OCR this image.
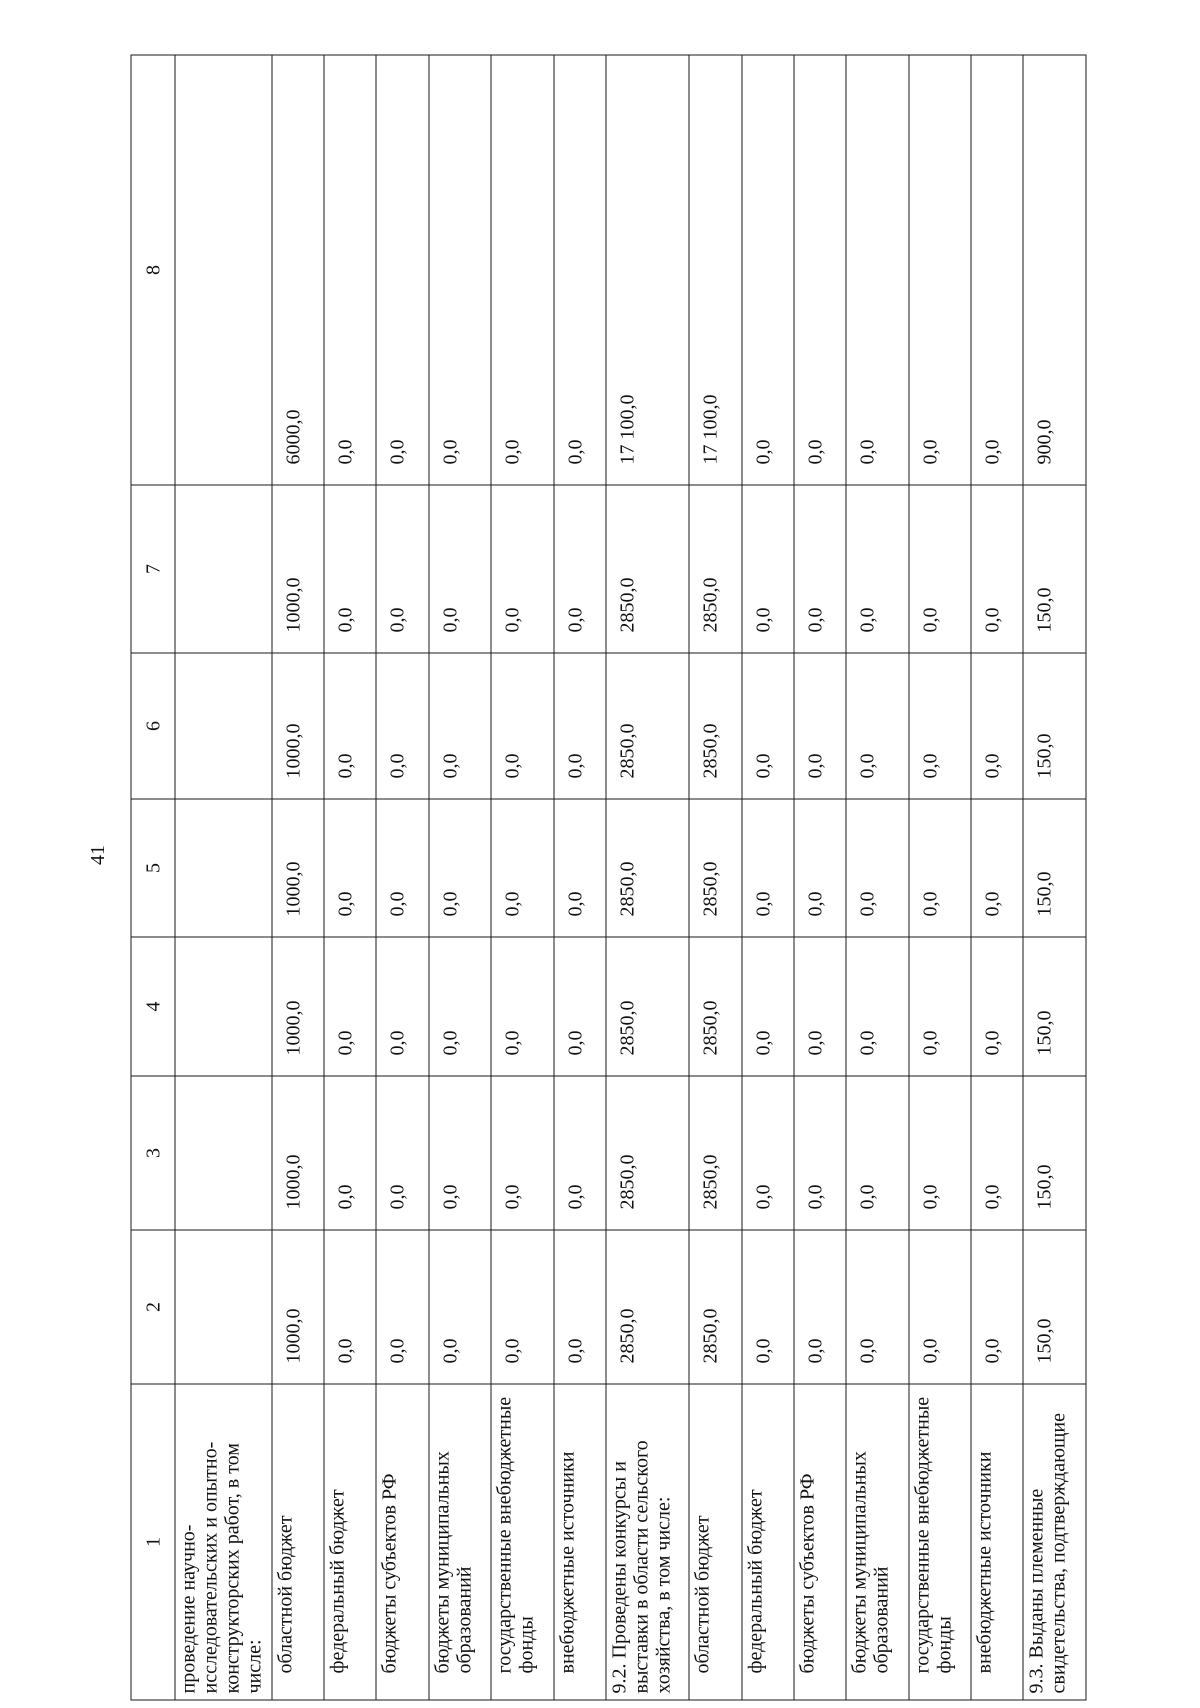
41
1	2	3	4	5	6	7	8
проведение научно-исследовательских и опытно-конструкторских работ, в том числе:							
областной бюджет	1000,0	1000,0	1000,0	1000,0	1000,0	1000,0	6000,0
федеральный бюджет	0,0	0,0	0,0	0,0	0,0	0,0	0,0
бюджеты субъектов РФ	0,0	0,0	0,0	0,0	0,0	0,0	0,0
бюджеты муниципальных образований	0,0	0,0	0,0	0,0	0,0	0,0	0,0
государственные внебюджетные фонды	0,0	0,0	0,0	0,0	0,0	0,0	0,0
внебюджетные источники	0,0	0,0	0,0	0,0	0,0	0,0	0,0
9.2. Проведены конкурсы и выставки в области сельского хозяйства, в том числе:	2850,0	2850,0	2850,0	2850,0	2850,0	2850,0	17 100,0
областной бюджет	2850,0	2850,0	2850,0	2850,0	2850,0	2850,0	17 100,0
федеральный бюджет	0,0	0,0	0,0	0,0	0,0	0,0	0,0
бюджеты субъектов РФ	0,0	0,0	0,0	0,0	0,0	0,0	0,0
бюджеты муниципальных образований	0,0	0,0	0,0	0,0	0,0	0,0	0,0
государственные внебюджетные фонды	0,0	0,0	0,0	0,0	0,0	0,0	0,0
внебюджетные источники	0,0	0,0	0,0	0,0	0,0	0,0	0,0
9.3. Выданы племенные свидетельства, подтверждающие	150,0	150,0	150,0	150,0	150,0	150,0	900,0
